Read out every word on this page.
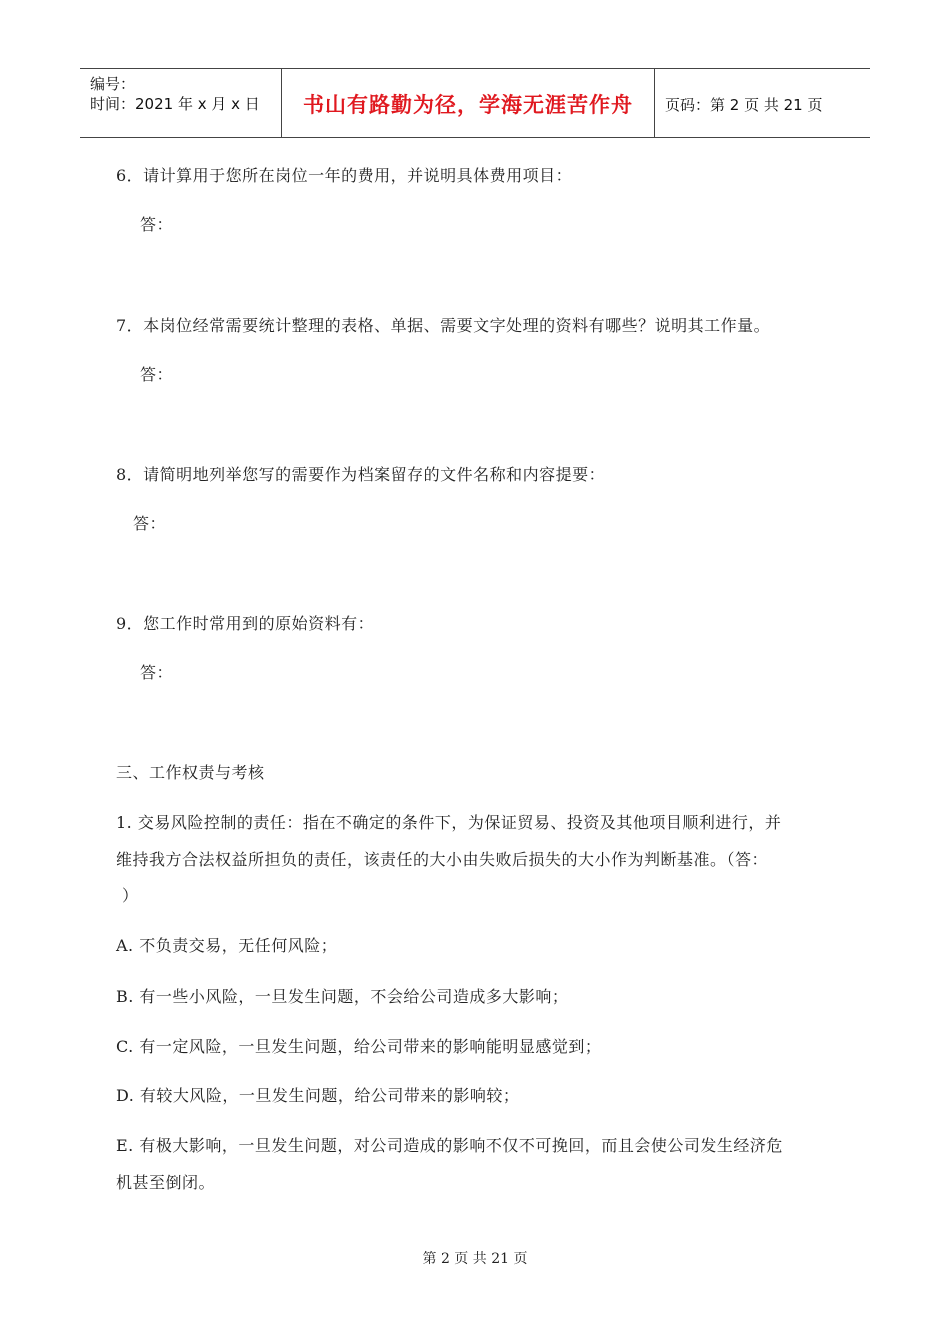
编号：
时间：2021 年 x 月 x 日	书山有路勤为径，学海无涯苦作舟	页码：第 2 页 共 21 页
6．请计算用于您所在岗位一年的费用，并说明具体费用项目：
答：
7．本岗位经常需要统计整理的表格、单据、需要文字处理的资料有哪些？说明其工作量。
答：
8．请简明地列举您写的需要作为档案留存的文件名称和内容提要：
答：
9．您工作时常用到的原始资料有：
答：
三、工作权责与考核
1. 交易风险控制的责任：指在不确定的条件下，为保证贸易、投资及其他项目顺利进行，并
维持我方合法权益所担负的责任，该责任的大小由失败后损失的大小作为判断基准。（答：
）
A. 不负责交易，无任何风险；
B. 有一些小风险，一旦发生问题，不会给公司造成多大影响；
C. 有一定风险，一旦发生问题，给公司带来的影响能明显感觉到；
D. 有较大风险，一旦发生问题，给公司带来的影响较；
E. 有极大影响，一旦发生问题，对公司造成的影响不仅不可挽回，而且会使公司发生经济危
机甚至倒闭。
第 2 页 共 21 页
